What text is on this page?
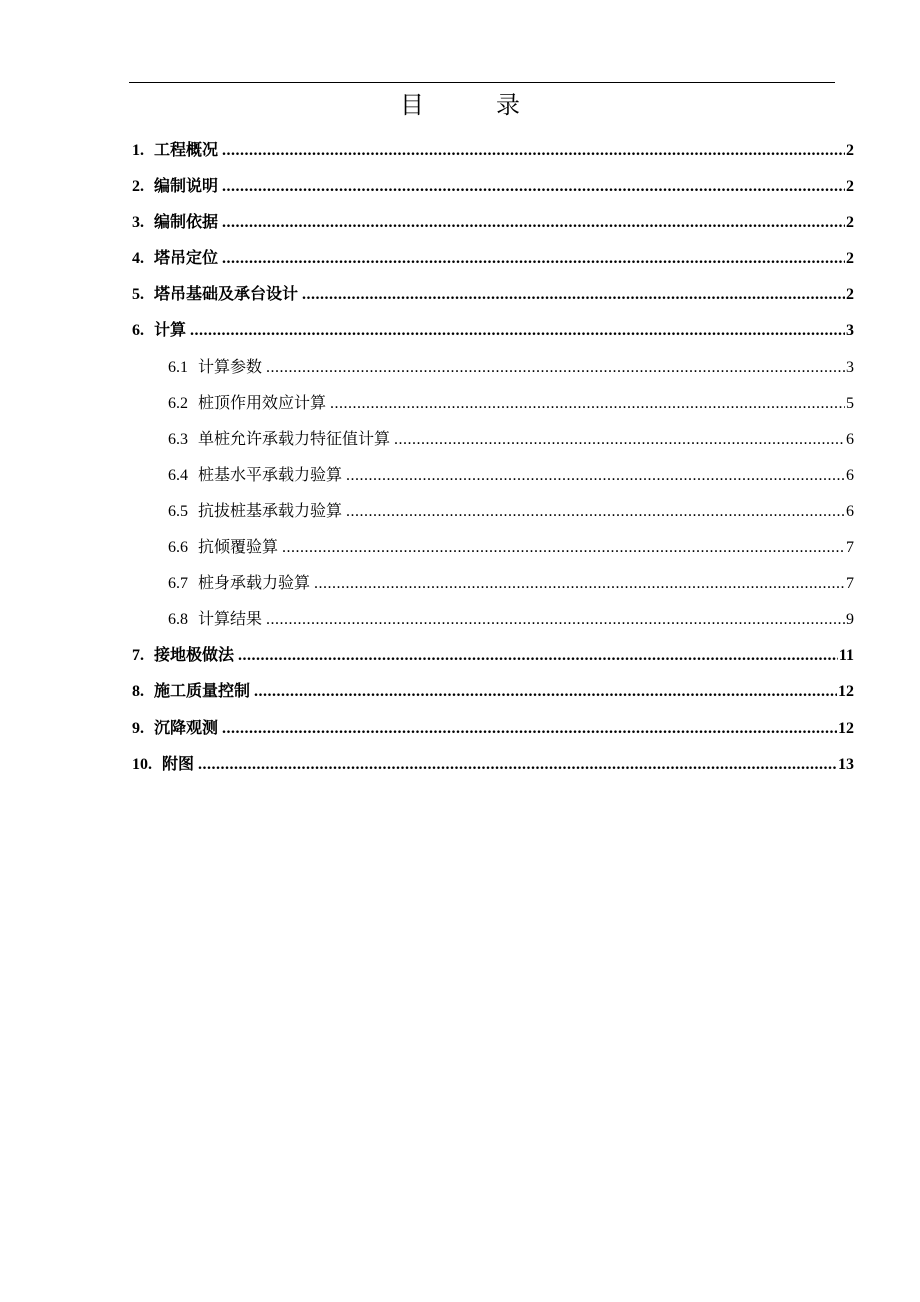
目　录
1. 工程概况 .....	2
2. 编制说明 .....	2
3. 编制依据 .....	2
4. 塔吊定位 .....	2
5. 塔吊基础及承台设计 .....	2
6. 计算 .....	3
6.1 计算参数 .....	3
6.2 桩顶作用效应计算 .....	5
6.3 单桩允许承载力特征值计算 .....	6
6.4 桩基水平承载力验算 .....	6
6.5 抗拔桩基承载力验算 .....	6
6.6 抗倾覆验算 .....	7
6.7 桩身承载力验算 .....	7
6.8 计算结果 .....	9
7. 接地极做法 .....	11
8. 施工质量控制 .....	12
9. 沉降观测 .....	12
10. 附图 .....	13
